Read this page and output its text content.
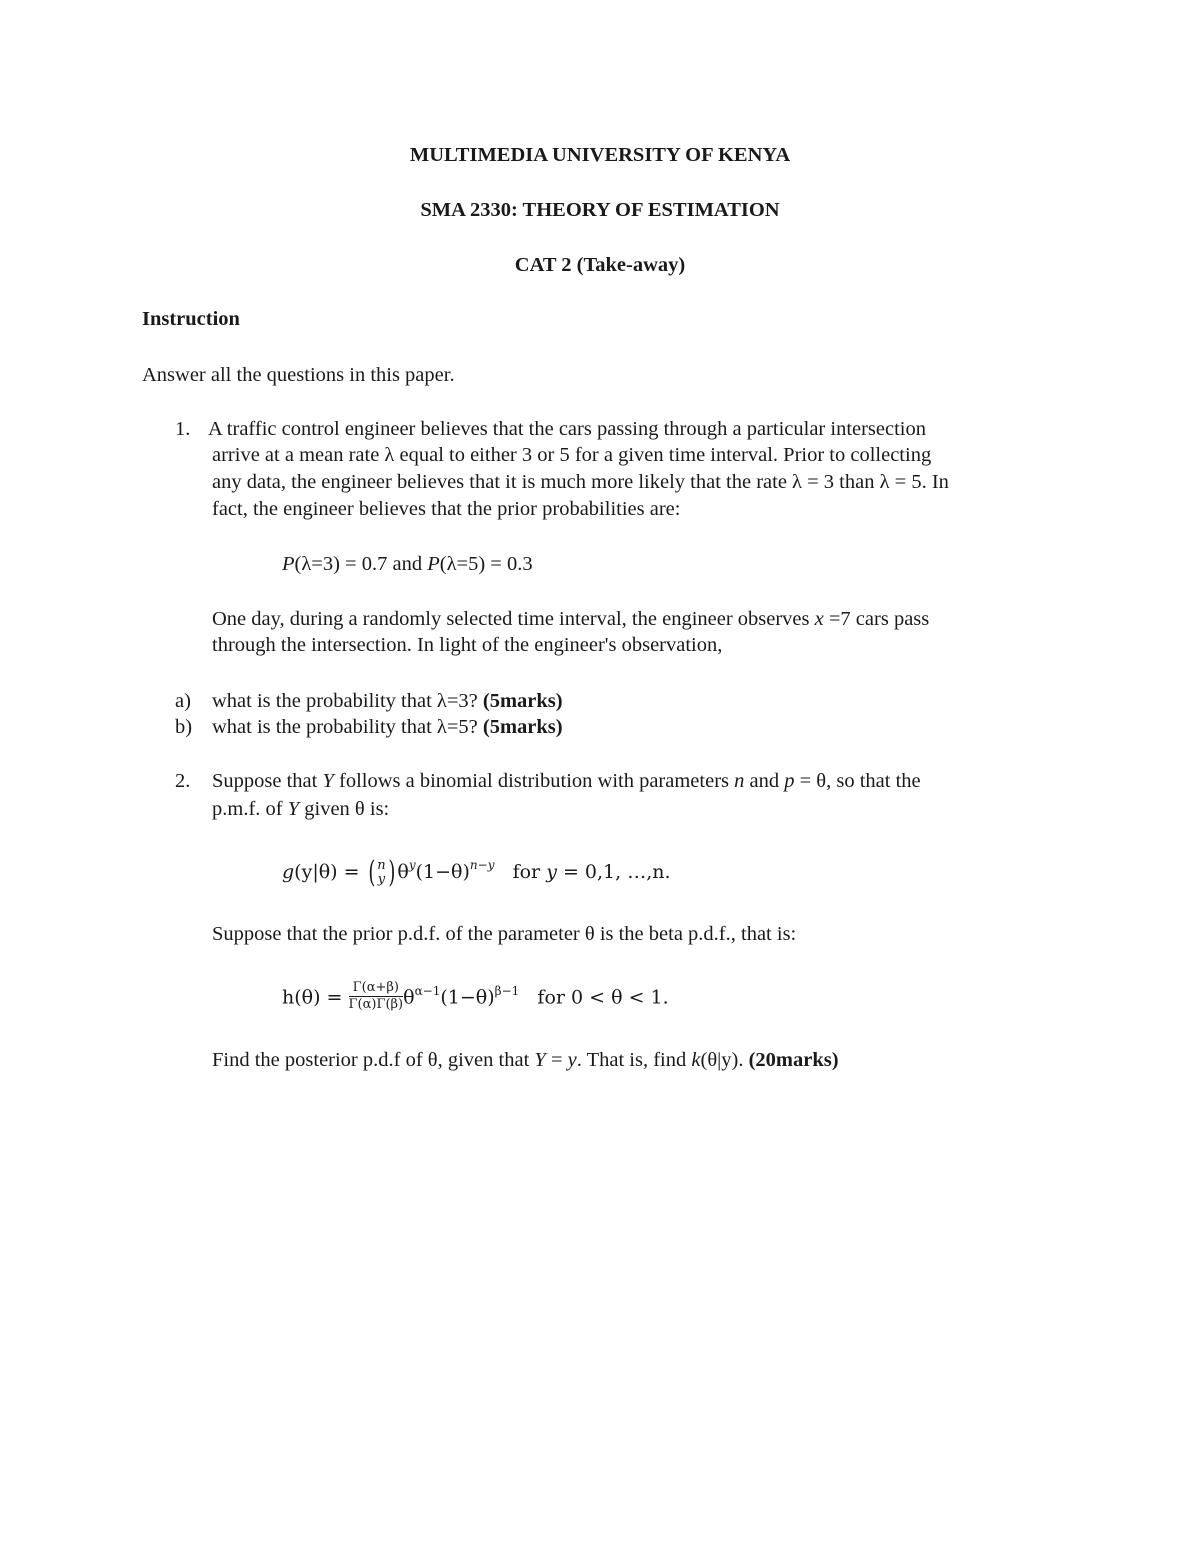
MULTIMEDIA UNIVERSITY OF KENYA
SMA 2330: THEORY OF ESTIMATION
CAT 2 (Take-away)
Instruction
Answer all the questions in this paper.
1. A traffic control engineer believes that the cars passing through a particular intersection
arrive at a mean rate λ equal to either 3 or 5 for a given time interval. Prior to collecting
any data, the engineer believes that it is much more likely that the rate λ = 3 than λ = 5. In
fact, the engineer believes that the prior probabilities are:
P(λ=3) = 0.7 and P(λ=5) = 0.3
One day, during a randomly selected time interval, the engineer observes x =7 cars pass
through the intersection. In light of the engineer's observation,
a) what is the probability that λ=3? (5marks)
b) what is the probability that λ=5? (5marks)
2. Suppose that Y follows a binomial distribution with parameters n and p = θ, so that the
p.m.f. of Y given θ is:
g(y|θ) = ( n
y ) $\theta^y(1-\theta)^{n-y}$   for y = 0,1, …,n.
Suppose that the prior p.d.f. of the parameter θ is the beta p.d.f., that is:
$h(\theta) = \frac{\Gamma(\alpha+\beta)}{\Gamma(\alpha)\Gamma(\beta)} \theta^{\alpha-1}(1-\theta)^{\beta-1}$   for 0 < θ < 1.
Find the posterior p.d.f of θ, given that Y = y. That is, find k(θ|y). (20marks)
